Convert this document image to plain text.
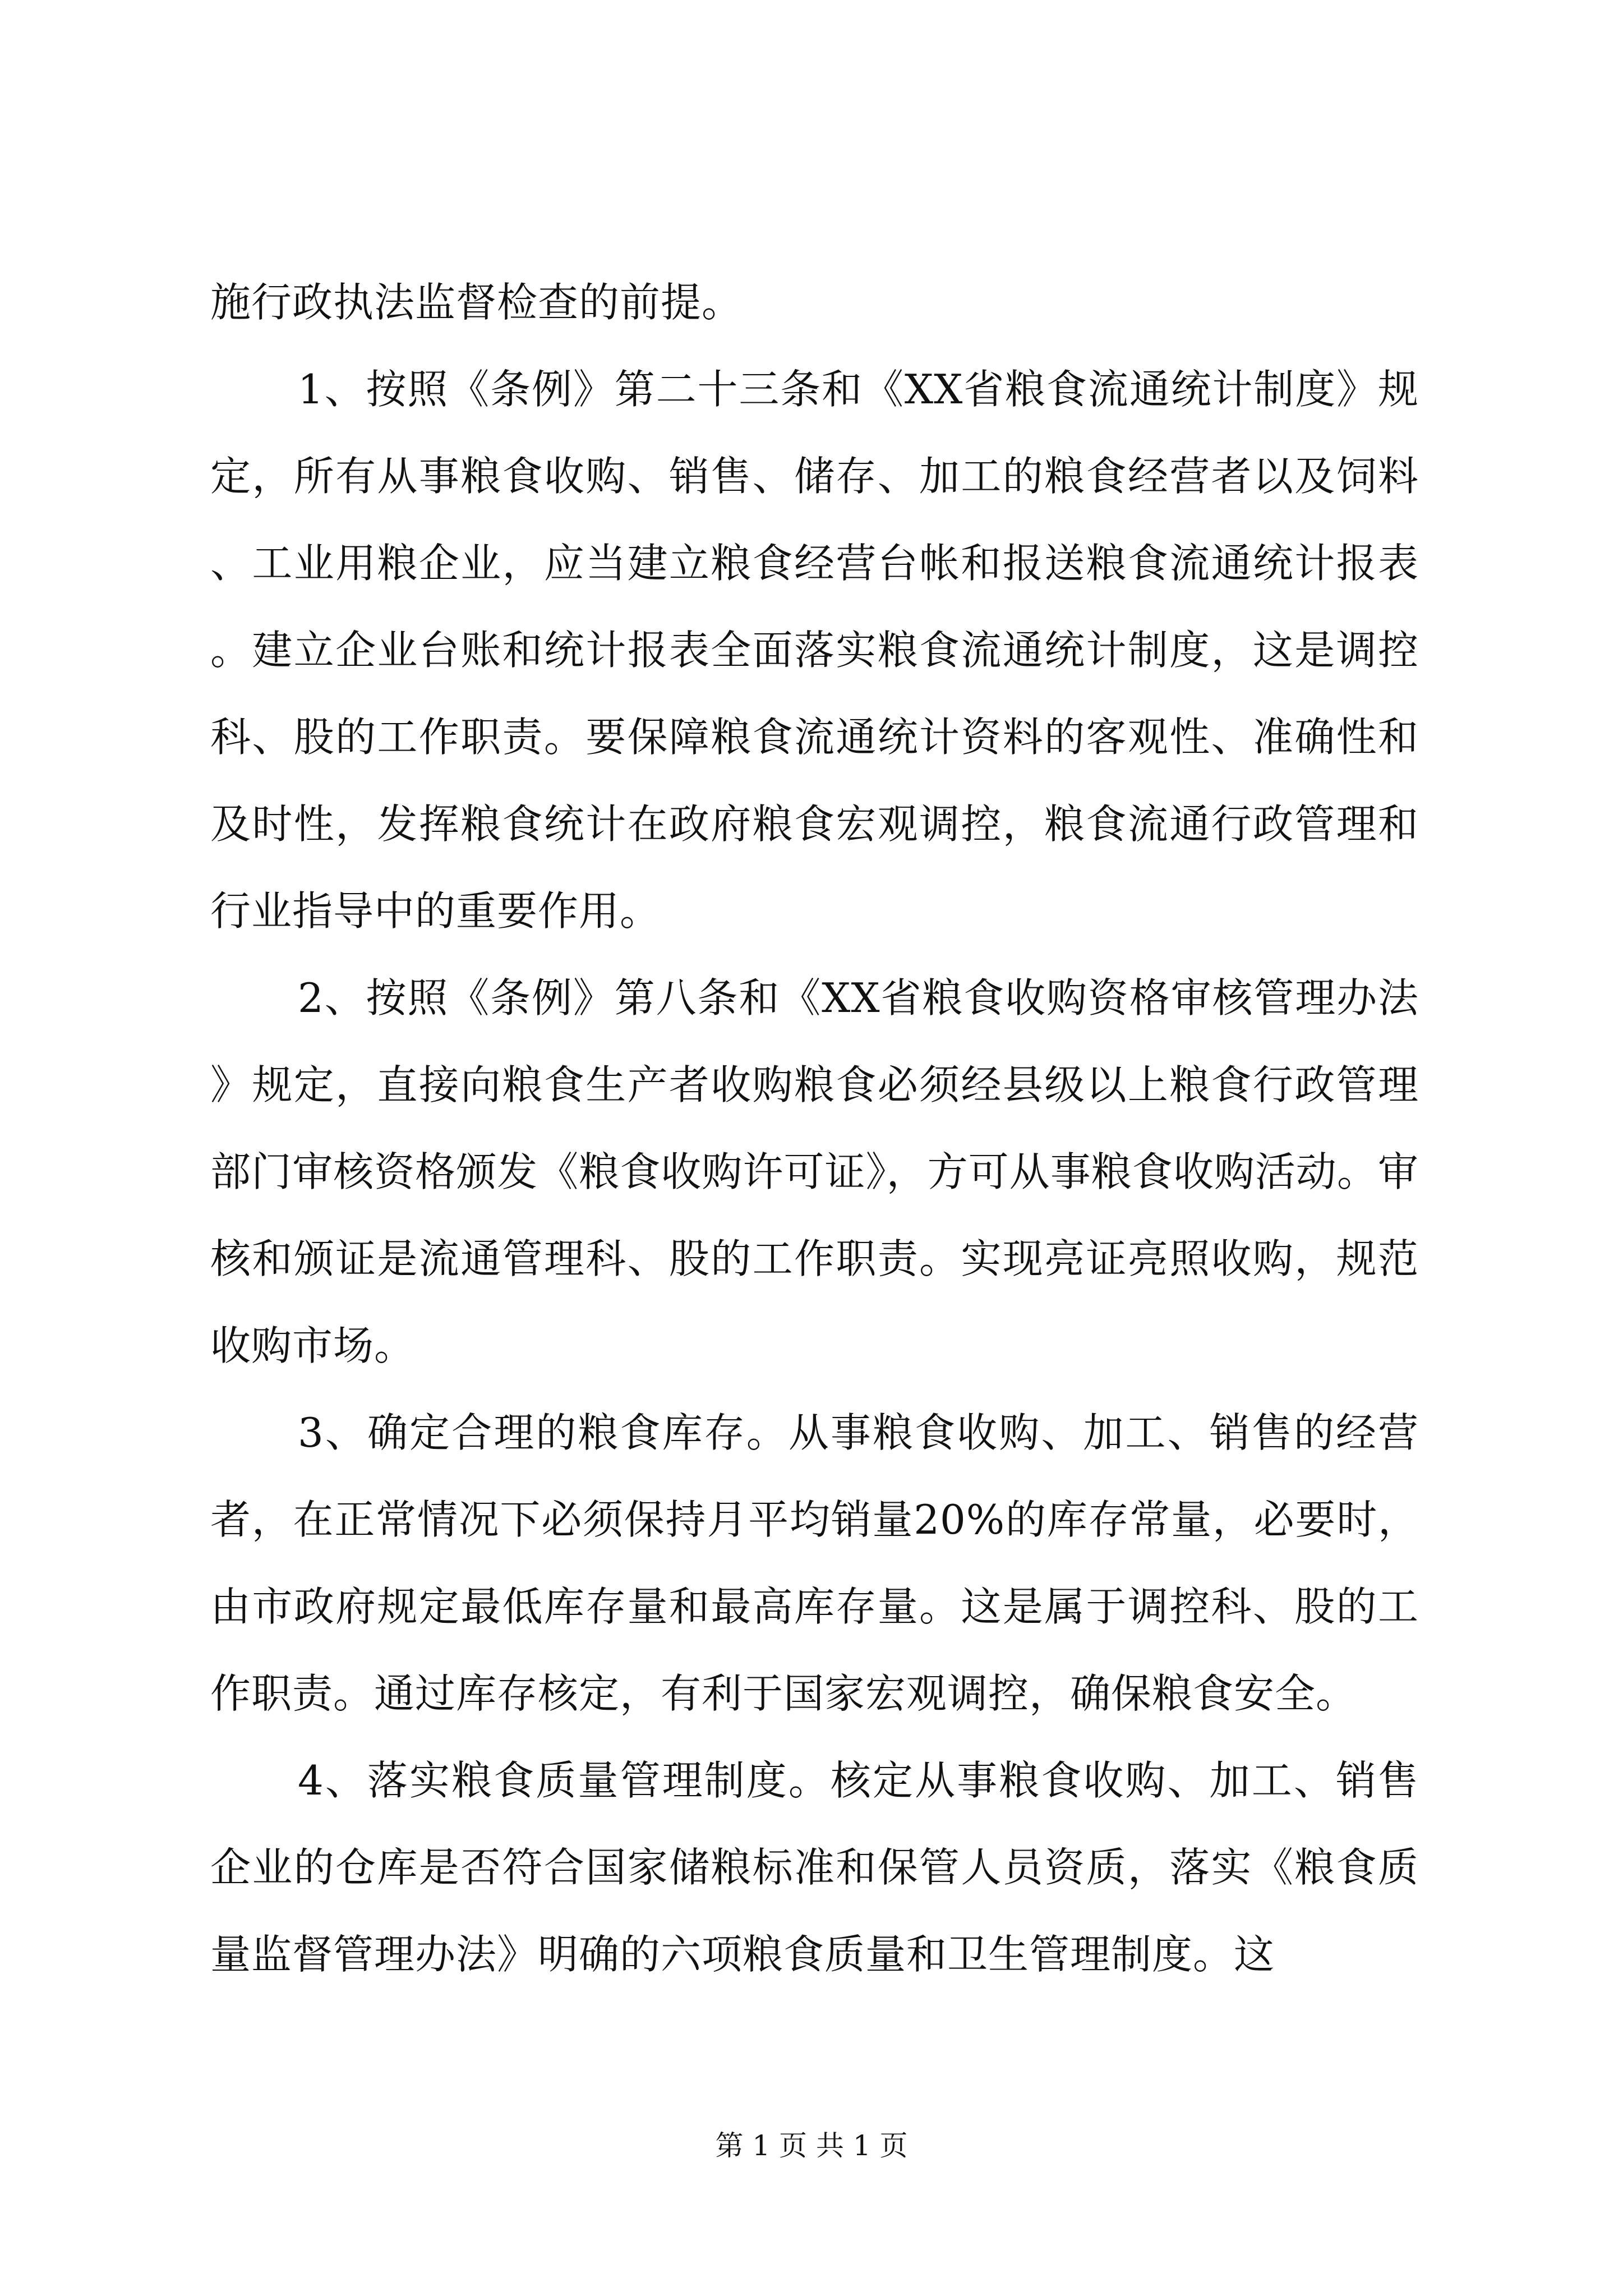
施行政执法监督检查的前提。

1、按照《条例》第二十三条和《XX省粮食流通统计制度》规定，所有从事粮食收购、销售、储存、加工的粮食经营者以及饲料、工业用粮企业，应当建立粮食经营台帐和报送粮食流通统计报表。建立企业台账和统计报表全面落实粮食流通统计制度，这是调控科、股的工作职责。要保障粮食流通统计资料的客观性、准确性和及时性，发挥粮食统计在政府粮食宏观调控，粮食流通行政管理和行业指导中的重要作用。

2、按照《条例》第八条和《XX省粮食收购资格审核管理办法》规定，直接向粮食生产者收购粮食必须经县级以上粮食行政管理部门审核资格颁发《粮食收购许可证》，方可从事粮食收购活动。审核和颁证是流通管理科、股的工作职责。实现亮证亮照收购，规范收购市场。

3、确定合理的粮食库存。从事粮食收购、加工、销售的经营者，在正常情况下必须保持月平均销量20%的库存常量，必要时，由市政府规定最低库存量和最高库存量。这是属于调控科、股的工作职责。通过库存核定，有利于国家宏观调控，确保粮食安全。

4、落实粮食质量管理制度。核定从事粮食收购、加工、销售企业的仓库是否符合国家储粮标准和保管人员资质，落实《粮食质量监督管理办法》明确的六项粮食质量和卫生管理制度。这

第 1 页 共 1 页
